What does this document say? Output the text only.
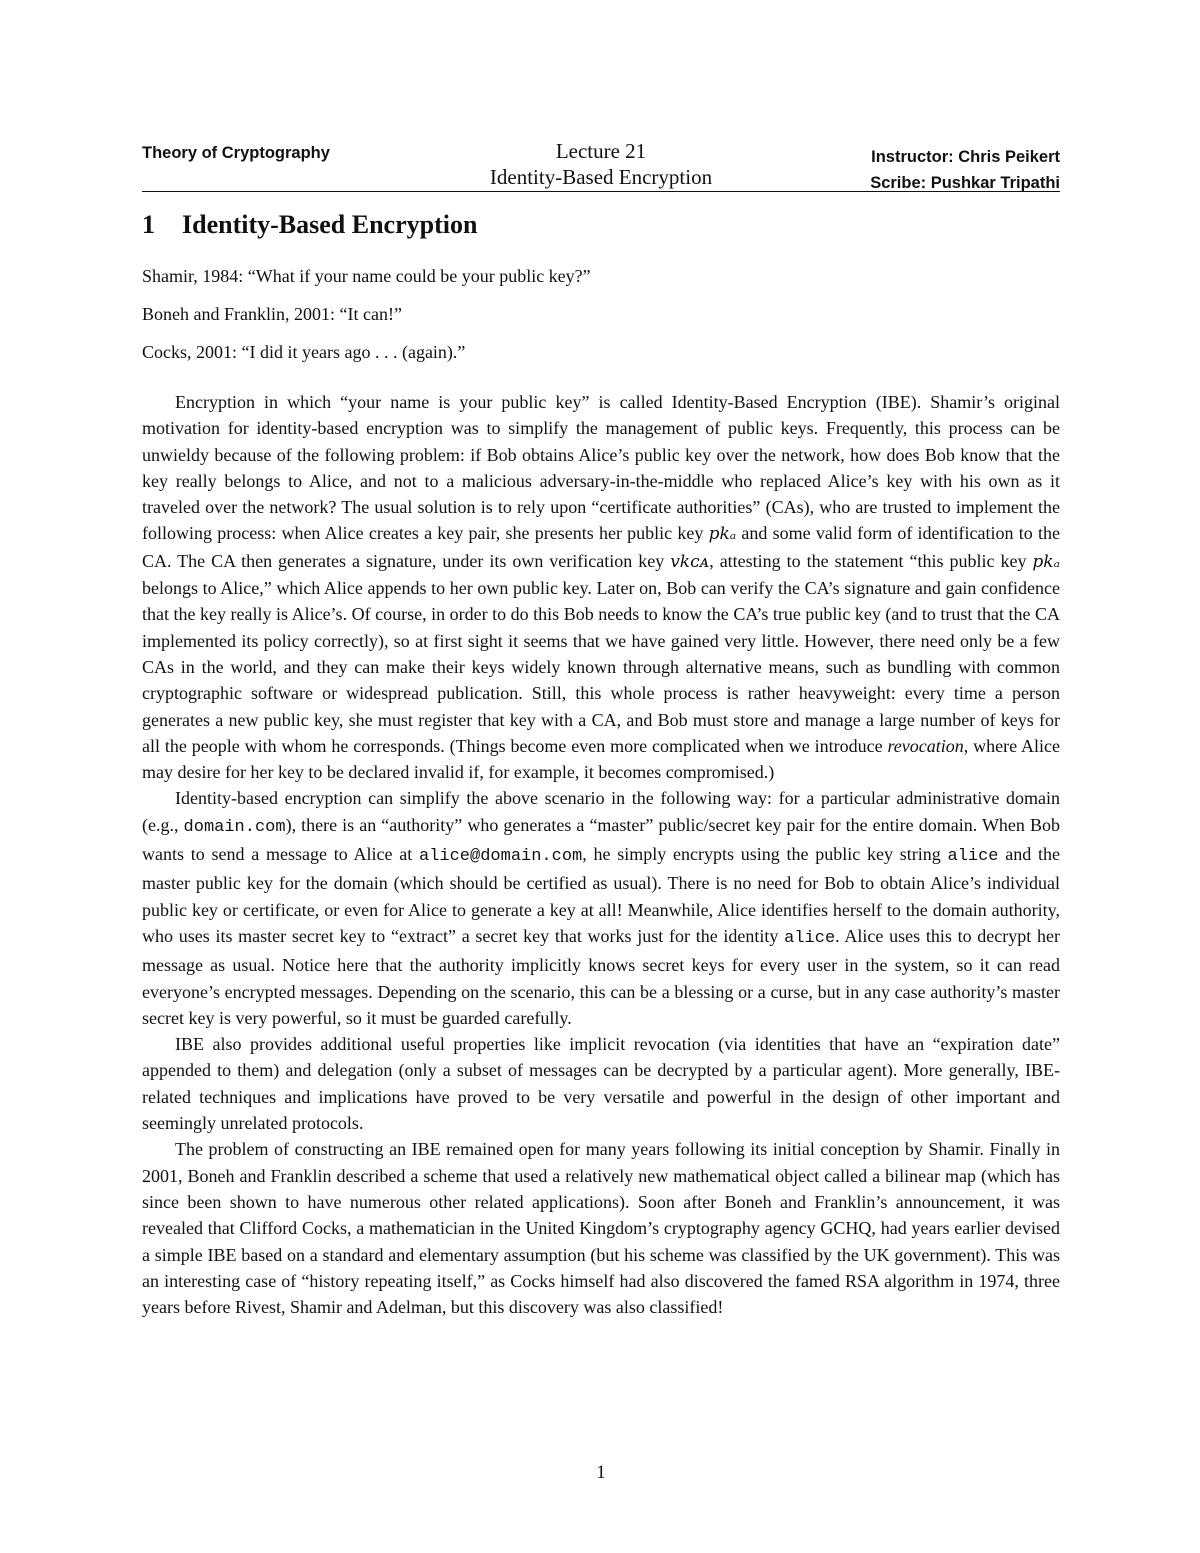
Theory of Cryptography	Lecture 21
Identity-Based Encryption
Instructor: Chris Peikert
Scribe: Pushkar Tripathi
1 Identity-Based Encryption

Shamir, 1984: “What if your name could be your public key?”

Boneh and Franklin, 2001: “It can!”

Cocks, 2001: “I did it years ago . . . (again).”

Encryption in which “your name is your public key” is called Identity-Based Encryption (IBE). Shamir’s original motivation for identity-based encryption was to simplify the management of public keys. Frequently, this process can be unwieldy because of the following problem: if Bob obtains Alice’s public key over the network, how does Bob know that the key really belongs to Alice, and not to a malicious adversary-in-the-middle who replaced Alice’s key with his own as it traveled over the network? The usual solution is to rely upon “certificate authorities” (CAs), who are trusted to implement the following process: when Alice creates a key pair, she presents her public key pkₐ and some valid form of identification to the CA. The CA then generates a signature, under its own verification key vkᴄᴀ, attesting to the statement “this public key pkₐ belongs to Alice,” which Alice appends to her own public key. Later on, Bob can verify the CA’s signature and gain confidence that the key really is Alice’s. Of course, in order to do this Bob needs to know the CA’s true public key (and to trust that the CA implemented its policy correctly), so at first sight it seems that we have gained very little. However, there need only be a few CAs in the world, and they can make their keys widely known through alternative means, such as bundling with common cryptographic software or widespread publication. Still, this whole process is rather heavyweight: every time a person generates a new public key, she must register that key with a CA, and Bob must store and manage a large number of keys for all the people with whom he corresponds. (Things become even more complicated when we introduce revocation, where Alice may desire for her key to be declared invalid if, for example, it becomes compromised.)

Identity-based encryption can simplify the above scenario in the following way: for a particular administrative domain (e.g., domain.com), there is an “authority” who generates a “master” public/secret key pair for the entire domain. When Bob wants to send a message to Alice at alice@domain.com, he simply encrypts using the public key string alice and the master public key for the domain (which should be certified as usual). There is no need for Bob to obtain Alice’s individual public key or certificate, or even for Alice to generate a key at all! Meanwhile, Alice identifies herself to the domain authority, who uses its master secret key to “extract” a secret key that works just for the identity alice. Alice uses this to decrypt her message as usual. Notice here that the authority implicitly knows secret keys for every user in the system, so it can read everyone’s encrypted messages. Depending on the scenario, this can be a blessing or a curse, but in any case authority’s master secret key is very powerful, so it must be guarded carefully.

IBE also provides additional useful properties like implicit revocation (via identities that have an “expiration date” appended to them) and delegation (only a subset of messages can be decrypted by a particular agent). More generally, IBE-related techniques and implications have proved to be very versatile and powerful in the design of other important and seemingly unrelated protocols.

The problem of constructing an IBE remained open for many years following its initial conception by Shamir. Finally in 2001, Boneh and Franklin described a scheme that used a relatively new mathematical object called a bilinear map (which has since been shown to have numerous other related applications). Soon after Boneh and Franklin’s announcement, it was revealed that Clifford Cocks, a mathematician in the United Kingdom’s cryptography agency GCHQ, had years earlier devised a simple IBE based on a standard and elementary assumption (but his scheme was classified by the UK government). This was an interesting case of “history repeating itself,” as Cocks himself had also discovered the famed RSA algorithm in 1974, three years before Rivest, Shamir and Adelman, but this discovery was also classified!

1
